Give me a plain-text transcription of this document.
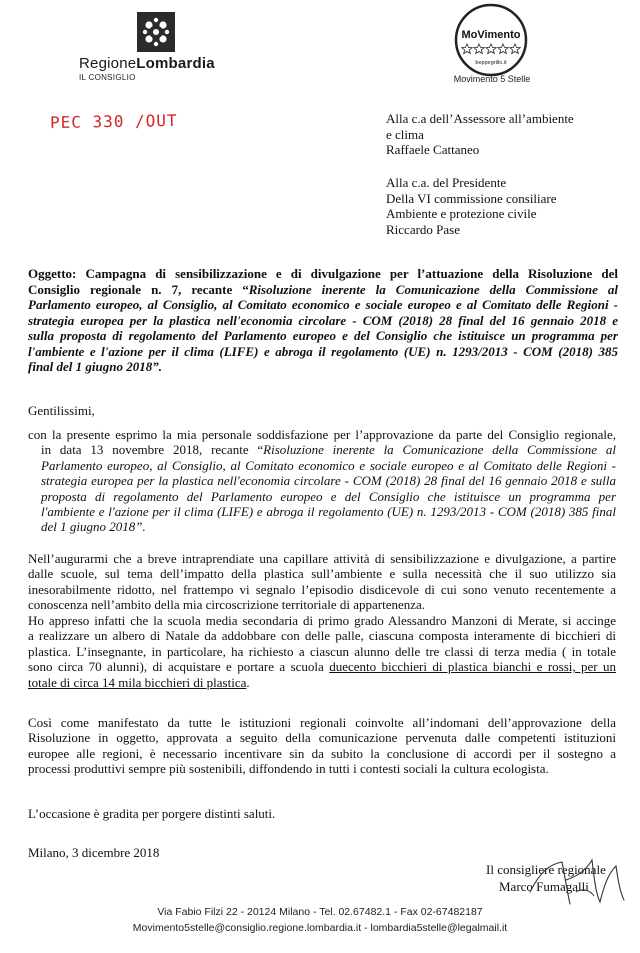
RegioneLombardia
IL CONSIGLIO
MoVimento
beppegrillo.it
Movimento 5 Stelle
PEC 330 /OUT	Alla c.a dell’Assessore all’ambiente
e clima
Raffaele Cattaneo
Alla c.a. del Presidente
Della VI commissione consiliare
Ambiente e protezione civile
Riccardo Pase
Oggetto: Campagna di sensibilizzazione e di divulgazione per l’attuazione della Risoluzione del
Consiglio regionale n. 7, recante “Risoluzione inerente la Comunicazione della Commissione al
Parlamento europeo, al Consiglio, al Comitato economico e sociale europeo e al Comitato delle Regioni -
strategia europea per la plastica nell'economia circolare - COM (2018) 28 final del 16 gennaio 2018 e
sulla proposta di regolamento del Parlamento europeo e del Consiglio che istituisce un programma per
l'ambiente e l'azione per il clima (LIFE) e abroga il regolamento (UE) n. 1293/2013 - COM (2018) 385
final del 1 giugno 2018”.
Gentilissimi,
con la presente esprimo la mia personale soddisfazione per l’approvazione da parte del Consiglio regionale,
in data 13 novembre 2018, recante “Risoluzione inerente la Comunicazione della Commissione al
Parlamento europeo, al Consiglio, al Comitato economico e sociale europeo e al Comitato delle Regioni -
strategia europea per la plastica nell'economia circolare - COM (2018) 28 final del 16 gennaio 2018 e sulla
proposta di regolamento del Parlamento europeo e del Consiglio che istituisce un programma per
l'ambiente e l'azione per il clima (LIFE) e abroga il regolamento (UE) n. 1293/2013 - COM (2018) 385 final
del 1 giugno 2018”.
Nell’augurarmi che a breve intraprendiate una capillare attività di sensibilizzazione e divulgazione, a partire
dalle scuole, sul tema dell’impatto della plastica sull’ambiente e sulla necessità che il suo utilizzo sia
inesorabilmente ridotto, nel frattempo vi segnalo l’episodio disdicevole di cui sono venuto recentemente a
conoscenza nell’ambito della mia circoscrizione territoriale di appartenenza.
Ho appreso infatti che la scuola media secondaria di primo grado Alessandro Manzoni di Merate, si accinge
a realizzare un albero di Natale da addobbare con delle palle, ciascuna composta interamente di bicchieri di
plastica. L’insegnante, in particolare, ha richiesto a ciascun alunno delle tre classi di terza media ( in totale
sono circa 70 alunni), di acquistare e portare a scuola duecento bicchieri di plastica bianchi e rossi, per un
totale di circa 14 mila bicchieri di plastica.
Così come manifestato da tutte le istituzioni regionali coinvolte all’indomani dell’approvazione della
Risoluzione in oggetto, approvata a seguito della comunicazione pervenuta dalle competenti istituzioni
europee alle regioni, è necessario incentivare sin da subito la conclusione di accordi per il sostegno a
processi produttivi sempre più sostenibili, diffondendo in tutti i contesti sociali la cultura ecologista.
L’occasione è gradita per porgere distinti saluti.
Milano, 3 dicembre 2018
Il consigliere regionale
Marco Fumagalli
Via Fabio Filzi 22 - 20124 Milano - Tel. 02.67482.1 - Fax 02-67482187
Movimento5stelle@consiglio.regione.lombardia.it - lombardia5stelle@legalmail.it
